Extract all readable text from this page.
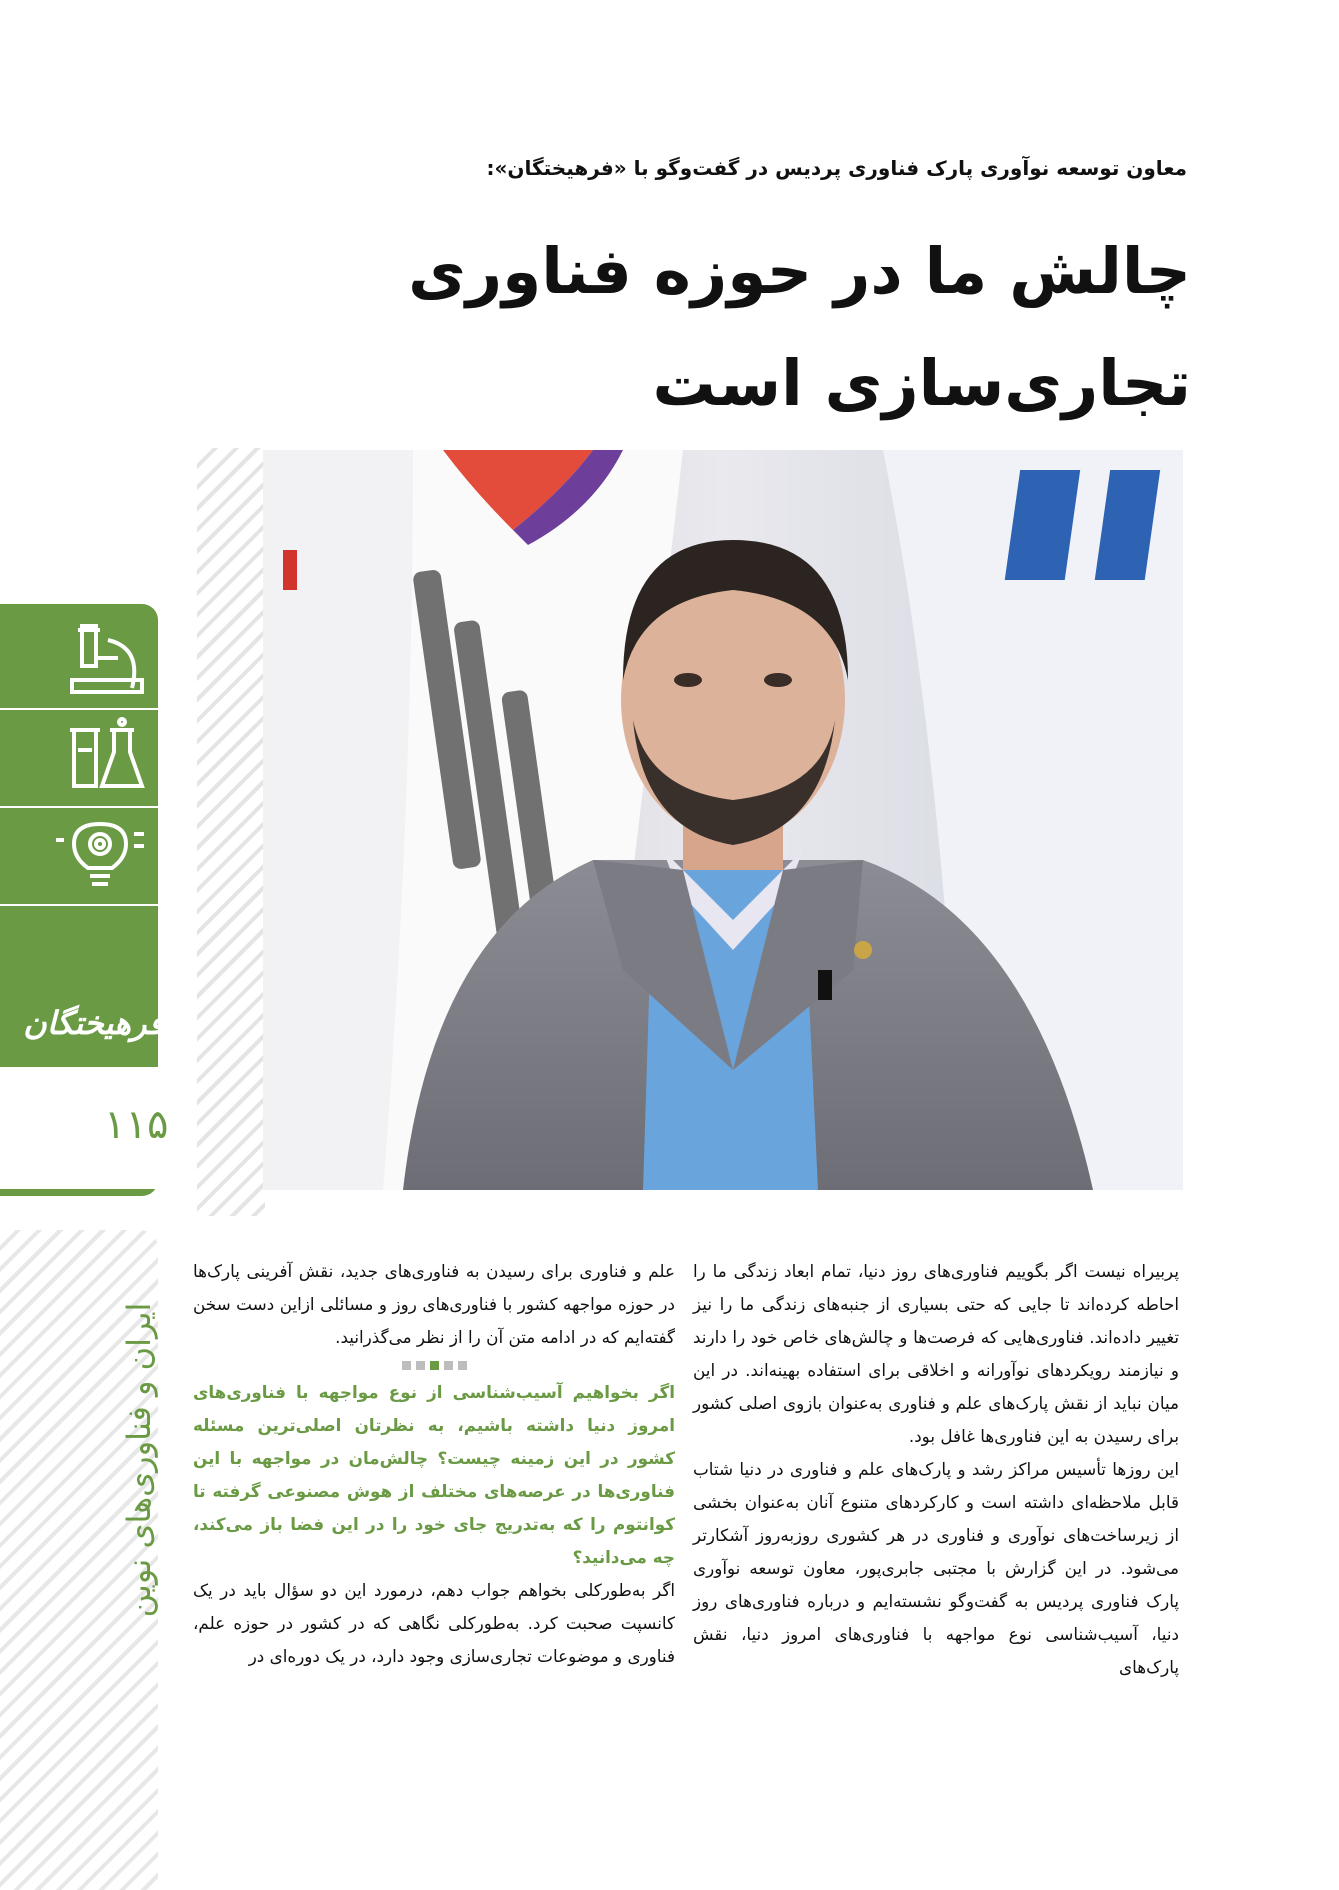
معاون توسعه نوآوری پارک فناوری پردیس در گفت‌وگو با «فرهیختگان»:
چالش ما در حوزه فناوری
تجاری‌سازی است
فرهیختگان
۱۱۵
ایران و فناوری‌های نوین

پربیراه نیست اگر بگوییم فناوری‌های روز دنیا، تمام ابعاد زندگی ما را احاطه کرده‌اند تا جایی که حتی بسیاری از جنبه‌های زندگی ما را نیز تغییر داده‌اند. فناوری‌هایی که فرصت‌ها و چالش‌های خاص خود را دارند و نیازمند رویکردهای نوآورانه و اخلاقی برای استفاده بهینه‌اند. در این میان نباید از نقش پارک‌های علم و فناوری به‌عنوان بازوی اصلی کشور برای رسیدن به این فناوری‌ها غافل بود.

این روزها تأسیس مراکز رشد و پارک‌های علم و فناوری در دنیا شتاب قابل ملاحظه‌ای داشته است و کارکردهای متنوع آنان به‌عنوان بخشی از زیرساخت‌های نوآوری و فناوری در هر کشوری روزبه‌روز آشکارتر می‌شود. در این گزارش با مجتبی جابری‌پور، معاون توسعه نوآوری پارک فناوری پردیس به گفت‌وگو نشسته‌ایم و درباره فناوری‌های روز دنیا، آسیب‌شناسی نوع مواجهه با فناوری‌های امروز دنیا، نقش پارک‌های

علم و فناوری برای رسیدن به فناوری‌های جدید، نقش آفرینی پارک‌ها در حوزه مواجهه کشور با فناوری‌های روز و مسائلی ازاین دست سخن گفته‌ایم که در ادامه متن آن را از نظر می‌گذرانید.

اگر بخواهیم آسیب‌شناسی از نوع مواجهه با فناوری‌های امروز دنیا داشته باشیم، به نظرتان اصلی‌ترین مسئله کشور در این زمینه چیست؟ چالش‌مان در مواجهه با این فناوری‌ها در عرصه‌های مختلف از هوش مصنوعی گرفته تا کوانتوم را که به‌تدریج جای خود را در این فضا باز می‌کند، چه می‌دانید؟

اگر به‌طورکلی بخواهم جواب دهم، درمورد این دو سؤال باید در یک کانسپت صحبت کرد. به‌طورکلی نگاهی که در کشور در حوزه علم، فناوری و موضوعات تجاری‌سازی وجود دارد، در یک دوره‌ای در
